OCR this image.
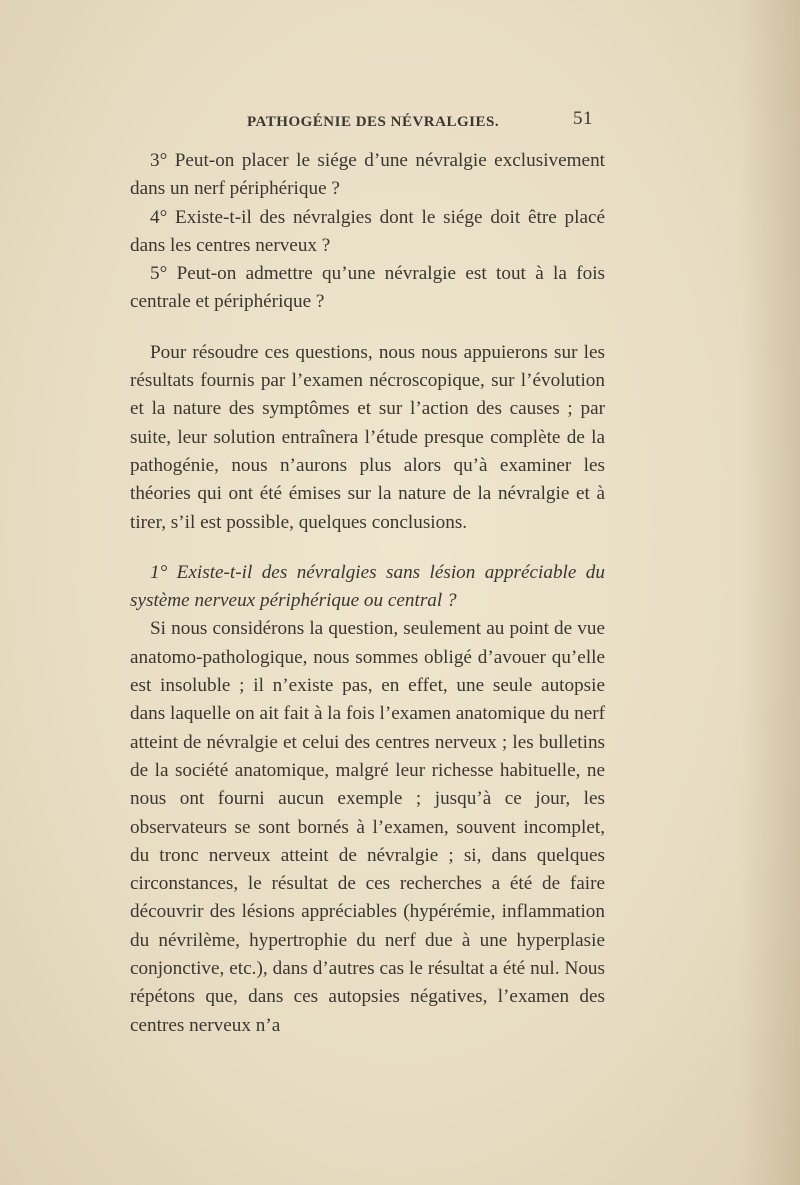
PATHOGÉNIE DES NÉVRALGIES.	51

3° Peut-on placer le siége d’une névralgie exclusivement dans un nerf périphérique ?

4° Existe-t-il des névralgies dont le siége doit être placé dans les centres nerveux ?

5° Peut-on admettre qu’une névralgie est tout à la fois centrale et périphérique ?

Pour résoudre ces questions, nous nous appuierons sur les résultats fournis par l’examen nécroscopique, sur l’évolution et la nature des symptômes et sur l’action des causes ; par suite, leur solution entraînera l’étude presque complète de la pathogénie, nous n’aurons plus alors qu’à examiner les théories qui ont été émises sur la nature de la névralgie et à tirer, s’il est possible, quelques conclusions.

1° Existe-t-il des névralgies sans lésion appréciable du système nerveux périphérique ou central ?

Si nous considérons la question, seulement au point de vue anatomo-pathologique, nous sommes obligé d’avouer qu’elle est insoluble ; il n’existe pas, en effet, une seule autopsie dans laquelle on ait fait à la fois l’examen anatomique du nerf atteint de névralgie et celui des centres nerveux ; les bulletins de la société anatomique, malgré leur richesse habituelle, ne nous ont fourni aucun exemple ; jusqu’à ce jour, les observateurs se sont bornés à l’examen, souvent incomplet, du tronc nerveux atteint de névralgie ; si, dans quelques circonstances, le résultat de ces recherches a été de faire découvrir des lésions appréciables (hypérémie, inflammation du névrilème, hypertrophie du nerf due à une hyperplasie conjonctive, etc.), dans d’autres cas le résultat a été nul. Nous répétons que, dans ces autopsies négatives, l’examen des centres nerveux n’a
